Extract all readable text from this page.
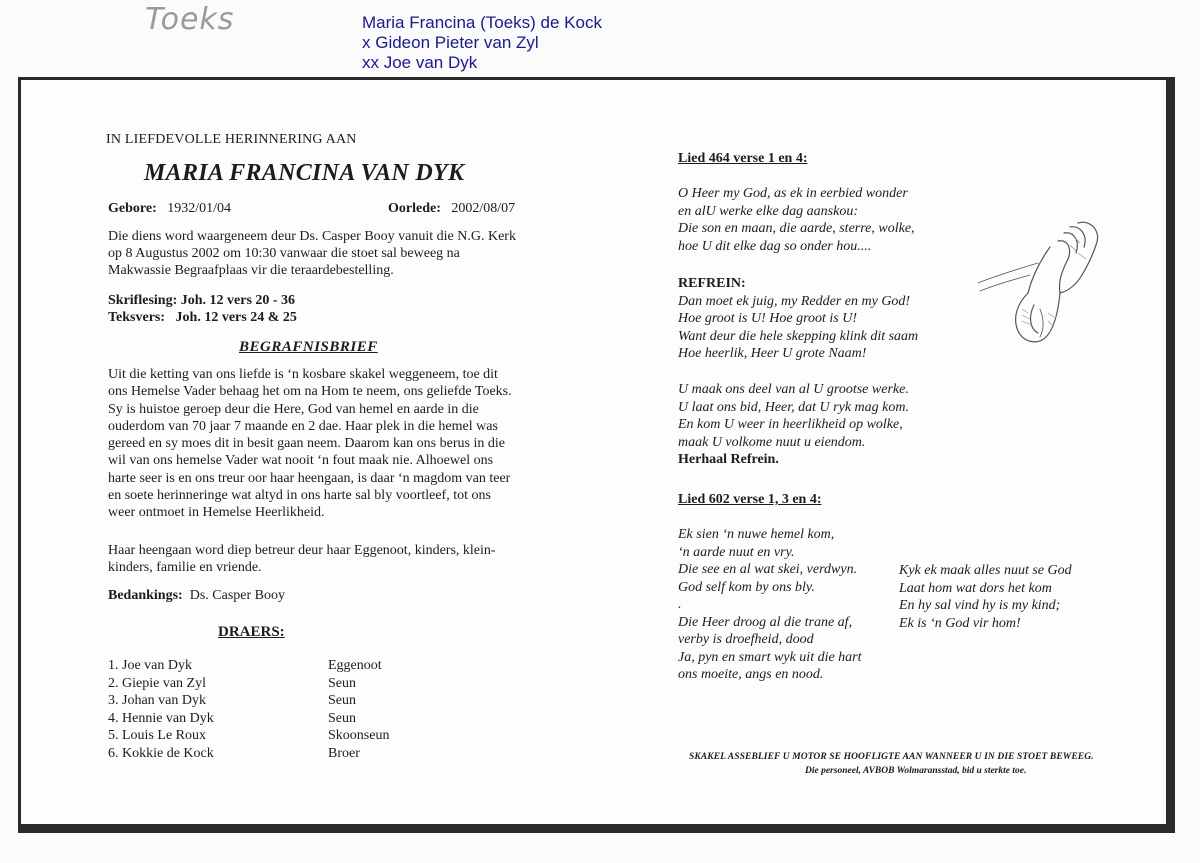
Toeks	Maria Francina (Toeks) de Kock
x Gideon Pieter van Zyl
xx Joe van Dyk
IN LIEFDEVOLLE HERINNERING AAN
MARIA FRANCINA VAN DYK
Gebore: 1932/01/04	Oorlede: 2002/08/07
Die diens word waargeneem deur Ds. Casper Booy vanuit die N.G. Kerk
op 8 Augustus 2002 om 10:30 vanwaar die stoet sal beweeg na
Makwassie Begraafplaas vir die teraardebestelling.
Skriflesing: Joh. 12 vers 20 - 36
Teksvers: Joh. 12 vers 24 & 25
BEGRAFNISBRIEF
Uit die ketting van ons liefde is ‘n kosbare skakel weggeneem, toe dit
ons Hemelse Vader behaag het om na Hom te neem, ons geliefde Toeks.
Sy is huistoe geroep deur die Here, God van hemel en aarde in die
ouderdom van 70 jaar 7 maande en 2 dae. Haar plek in die hemel was
gereed en sy moes dit in besit gaan neem. Daarom kan ons berus in die
wil van ons hemelse Vader wat nooit ‘n fout maak nie. Alhoewel ons
harte seer is en ons treur oor haar heengaan, is daar ‘n magdom van teer
en soete herinneringe wat altyd in ons harte sal bly voortleef, tot ons
weer ontmoet in Hemelse Heerlikheid.
Haar heengaan word diep betreur deur haar Eggenoot, kinders, klein-
kinders, familie en vriende.
Bedankings: Ds. Casper Booy
DRAERS:
1. Joe van Dyk	Eggenoot
2. Giepie van Zyl	Seun
3. Johan van Dyk	Seun
4. Hennie van Dyk	Seun
5. Louis Le Roux	Skoonseun
6. Kokkie de Kock	Broer
Lied 464 verse 1 en 4:
O Heer my God, as ek in eerbied wonder
en alU werke elke dag aanskou:
Die son en maan, die aarde, sterre, wolke,
hoe U dit elke dag so onder hou....
REFREIN:
Dan moet ek juig, my Redder en my God!
Hoe groot is U! Hoe groot is U!
Want deur die hele skepping klink dit saam
Hoe heerlik, Heer U grote Naam!
U maak ons deel van al U grootse werke.
U laat ons bid, Heer, dat U ryk mag kom.
En kom U weer in heerlikheid op wolke,
maak U volkome nuut u eiendom.
Herhaal Refrein.
Lied 602 verse 1, 3 en 4:
Ek sien ‘n nuwe hemel kom,
‘n aarde nuut en vry.
Die see en al wat skei, verdwyn.
God self kom by ons bly.
.
Die Heer droog al die trane af,
verby is droefheid, dood
Ja, pyn en smart wyk uit die hart
ons moeite, angs en nood.
Kyk ek maak alles nuut se God
Laat hom wat dors het kom
En hy sal vind hy is my kind;
Ek is ‘n God vir hom!
SKAKEL ASSEBLIEF U MOTOR SE HOOFLIGTE AAN WANNEER U IN DIE STOET BEWEEG.
Die personeel, AVBOB Wolmaransstad, bid u sterkte toe.
